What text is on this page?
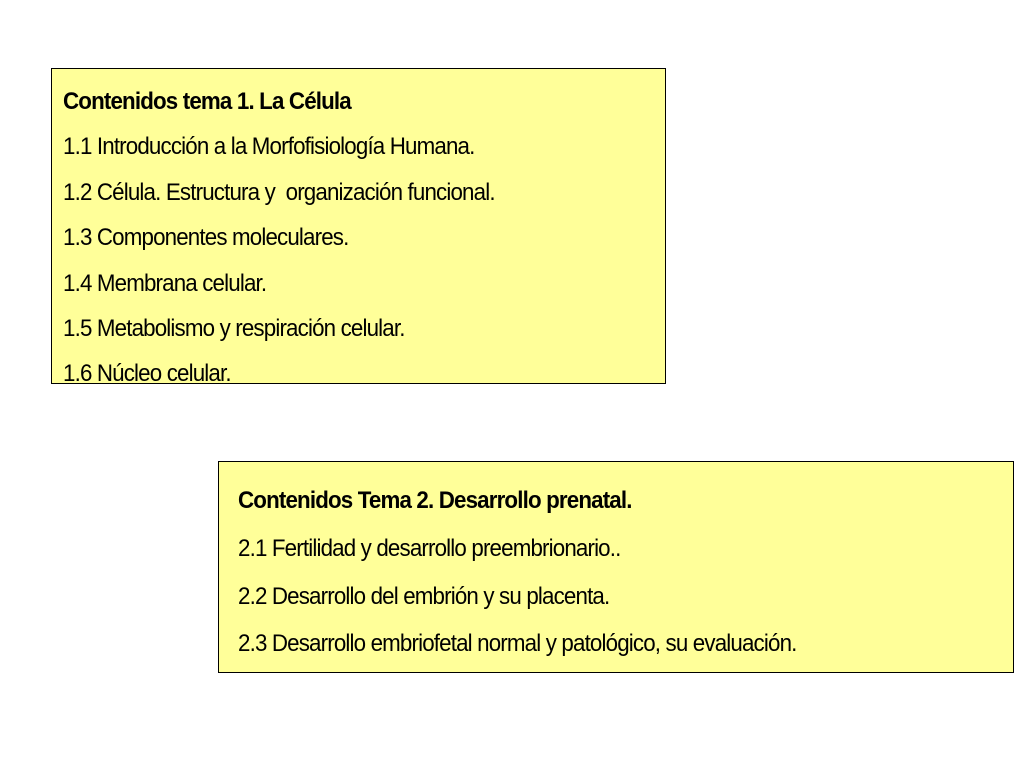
Contenidos tema 1. La Célula
1.1 Introducción a la Morfofisiología Humana.
1.2 Célula. Estructura y  organización funcional.
1.3 Componentes moleculares.
1.4 Membrana celular.
1.5 Metabolismo y respiración celular.
1.6 Núcleo celular.
Contenidos Tema 2. Desarrollo prenatal.
2.1 Fertilidad y desarrollo preembrionario..
2.2 Desarrollo del embrión y su placenta.
2.3 Desarrollo embriofetal normal y patológico, su evaluación.
